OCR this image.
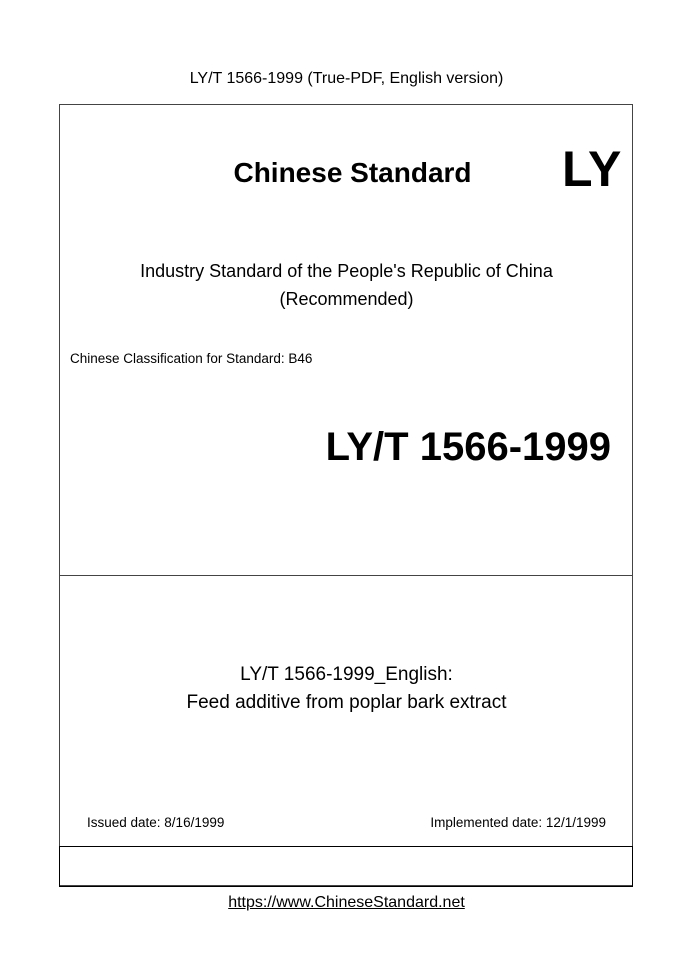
LY/T 1566-1999 (True-PDF, English version)
Chinese Standard	LY
Industry Standard of the People's Republic of China
(Recommended)
Chinese Classification for Standard: B46
LY/T 1566-1999
LY/T 1566-1999_English:
Feed additive from poplar bark extract
Issued date: 8/16/1999	Implemented date: 12/1/1999
https://www.ChineseStandard.net
